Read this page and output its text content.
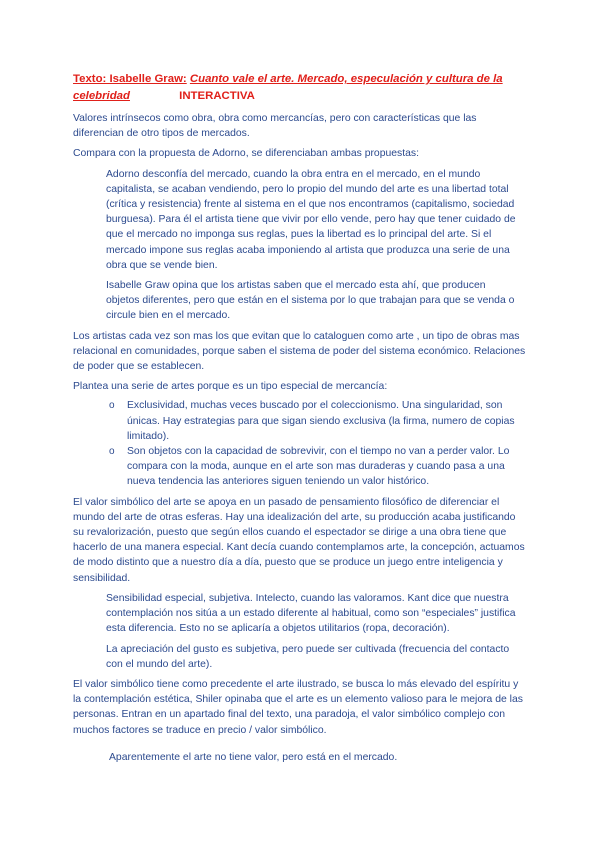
Texto: Isabelle Graw: Cuanto vale el arte. Mercado, especulación y cultura de la celebridad	INTERACTIVA

Valores intrínsecos como obra, obra como mercancías, pero con características que las diferencian de otro tipos de mercados.

Compara con la propuesta de Adorno, se diferenciaban ambas propuestas:

Adorno desconfía del mercado, cuando la obra entra en el mercado, en el mundo capitalista, se acaban vendiendo, pero lo propio del mundo del arte es una libertad total (crítica y resistencia) frente al sistema en el que nos encontramos (capitalismo, sociedad burguesa). Para él el artista tiene que vivir por ello vende, pero hay que tener cuidado de que el mercado no imponga sus reglas, pues la libertad es lo principal del arte. Si el mercado impone sus reglas acaba imponiendo al artista que produzca una serie de una obra que se vende bien.

Isabelle Graw opina que los artistas saben que el mercado esta ahí, que producen objetos diferentes, pero que están en el sistema por lo que trabajan para que se venda o circule bien en el mercado.

Los artistas cada vez son mas los que evitan que lo cataloguen como arte , un tipo de obras mas relacional en comunidades, porque saben el sistema de poder del sistema económico. Relaciones de poder que se establecen.

Plantea una serie de artes porque es un tipo especial de mercancía:

o Exclusividad, muchas veces buscado por el coleccionismo. Una singularidad, son únicas. Hay estrategias para que sigan siendo exclusiva (la firma, numero de copias limitado).
o Son objetos con la capacidad de sobrevivir, con el tiempo no van a perder valor. Lo compara con la moda, aunque en el arte son mas duraderas y cuando pasa a una nueva tendencia las anteriores siguen teniendo un valor histórico.

El valor simbólico del arte se apoya en un pasado de pensamiento filosófico de diferenciar el mundo del arte de otras esferas. Hay una idealización del arte, su producción acaba justificando su revalorización, puesto que según ellos cuando el espectador se dirige a una obra tiene que hacerlo de una manera especial. Kant decía cuando contemplamos arte, la concepción, actuamos de modo distinto que a nuestro día a día, puesto que se produce un juego entre inteligencia y sensibilidad.

Sensibilidad especial, subjetiva. Intelecto, cuando las valoramos. Kant dice que nuestra contemplación nos sitúa a un estado diferente al habitual, como son “especiales” justifica esta diferencia. Esto no se aplicaría a objetos utilitarios (ropa, decoración).

La apreciación del gusto es subjetiva, pero puede ser cultivada (frecuencia del contacto con el mundo del arte).

El valor simbólico tiene como precedente el arte ilustrado, se busca lo más elevado del espíritu y la contemplación estética, Shiler opinaba que el arte es un elemento valioso para le mejora de las personas. Entran en un apartado final del texto, una paradoja, el valor simbólico complejo con muchos factores se traduce en precio / valor simbólico.

Aparentemente el arte no tiene valor, pero está en el mercado.
